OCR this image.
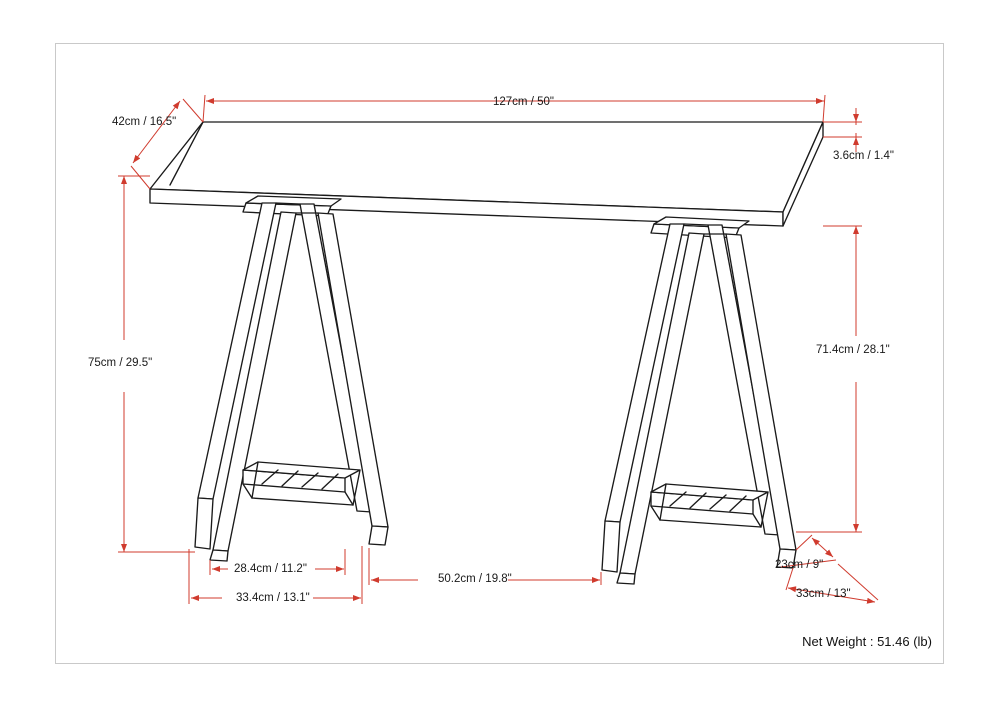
127cm / 50"
42cm / 16.5"
3.6cm / 1.4"
75cm / 29.5"
71.4cm / 28.1"
28.4cm / 11.2"
33.4cm / 13.1"
50.2cm / 19.8"
23cm / 9"
33cm / 13"
Net Weight : 51.46 (lb)
